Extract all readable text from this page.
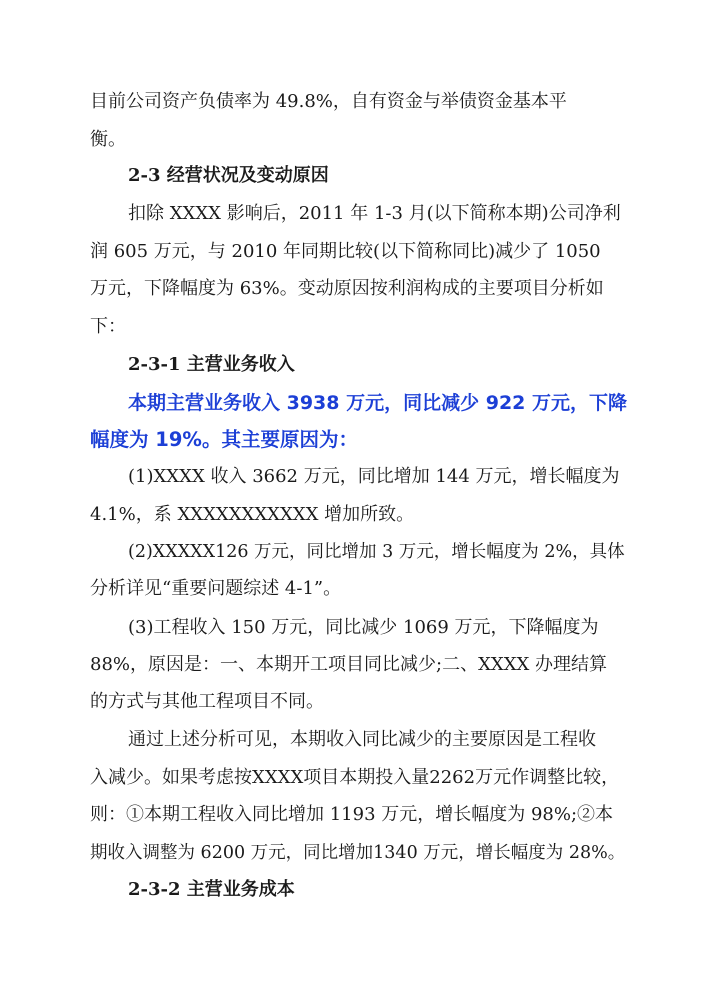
目前公司资产负债率为 49.8%，自有资金与举债资金基本平
衡。
2-3 经营状况及变动原因
扣除 XXXX 影响后，2011 年 1-3 月(以下简称本期)公司净利
润 605 万元，与 2010 年同期比较(以下简称同比)减少了 1050
万元，下降幅度为 63%。变动原因按利润构成的主要项目分析如
下：
2-3-1 主营业务收入
本期主营业务收入 3938 万元，同比减少 922 万元，下降
幅度为 19%。其主要原因为：
(1)XXXX 收入 3662 万元，同比增加 144 万元，增长幅度为
4.1%，系 XXXXXXXXXXX 增加所致。
(2)XXXXX126 万元，同比增加 3 万元，增长幅度为 2%，具体
分析详见“重要问题综述 4-1”。
(3)工程收入 150 万元，同比减少 1069 万元，下降幅度为
88%，原因是：一、本期开工项目同比减少;二、XXXX 办理结算
的方式与其他工程项目不同。
通过上述分析可见，本期收入同比减少的主要原因是工程收
入减少。如果考虑按XXXX项目本期投入量2262万元作调整比较，
则：①本期工程收入同比增加 1193 万元，增长幅度为 98%;②本
期收入调整为 6200 万元，同比增加1340 万元，增长幅度为 28%。
2-3-2 主营业务成本
